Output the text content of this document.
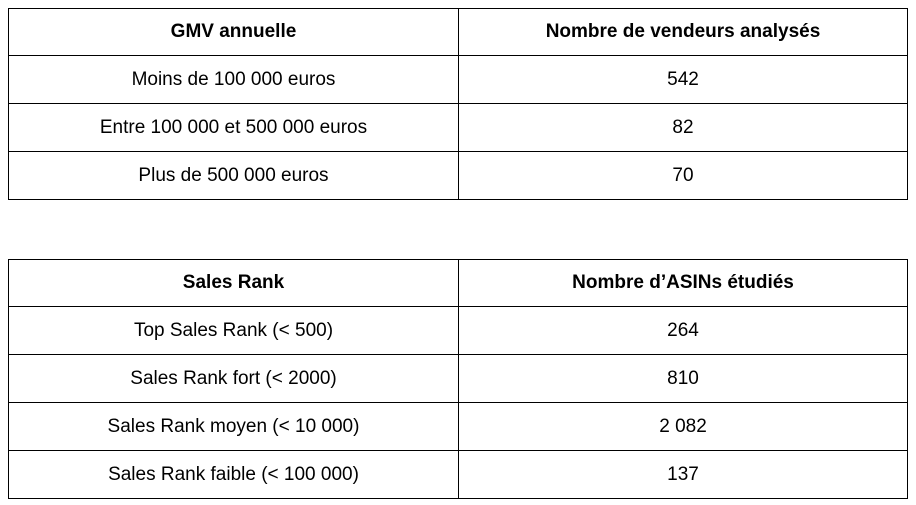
GMV annuelle	Nombre de vendeurs analysés
Moins de 100 000 euros	542
Entre 100 000 et 500 000 euros	82
Plus de 500 000 euros	70
Sales Rank	Nombre d’ASINs étudiés
Top Sales Rank (< 500)	264
Sales Rank fort (< 2000)	810
Sales Rank moyen (< 10 000)	2 082
Sales Rank faible (< 100 000)	137
